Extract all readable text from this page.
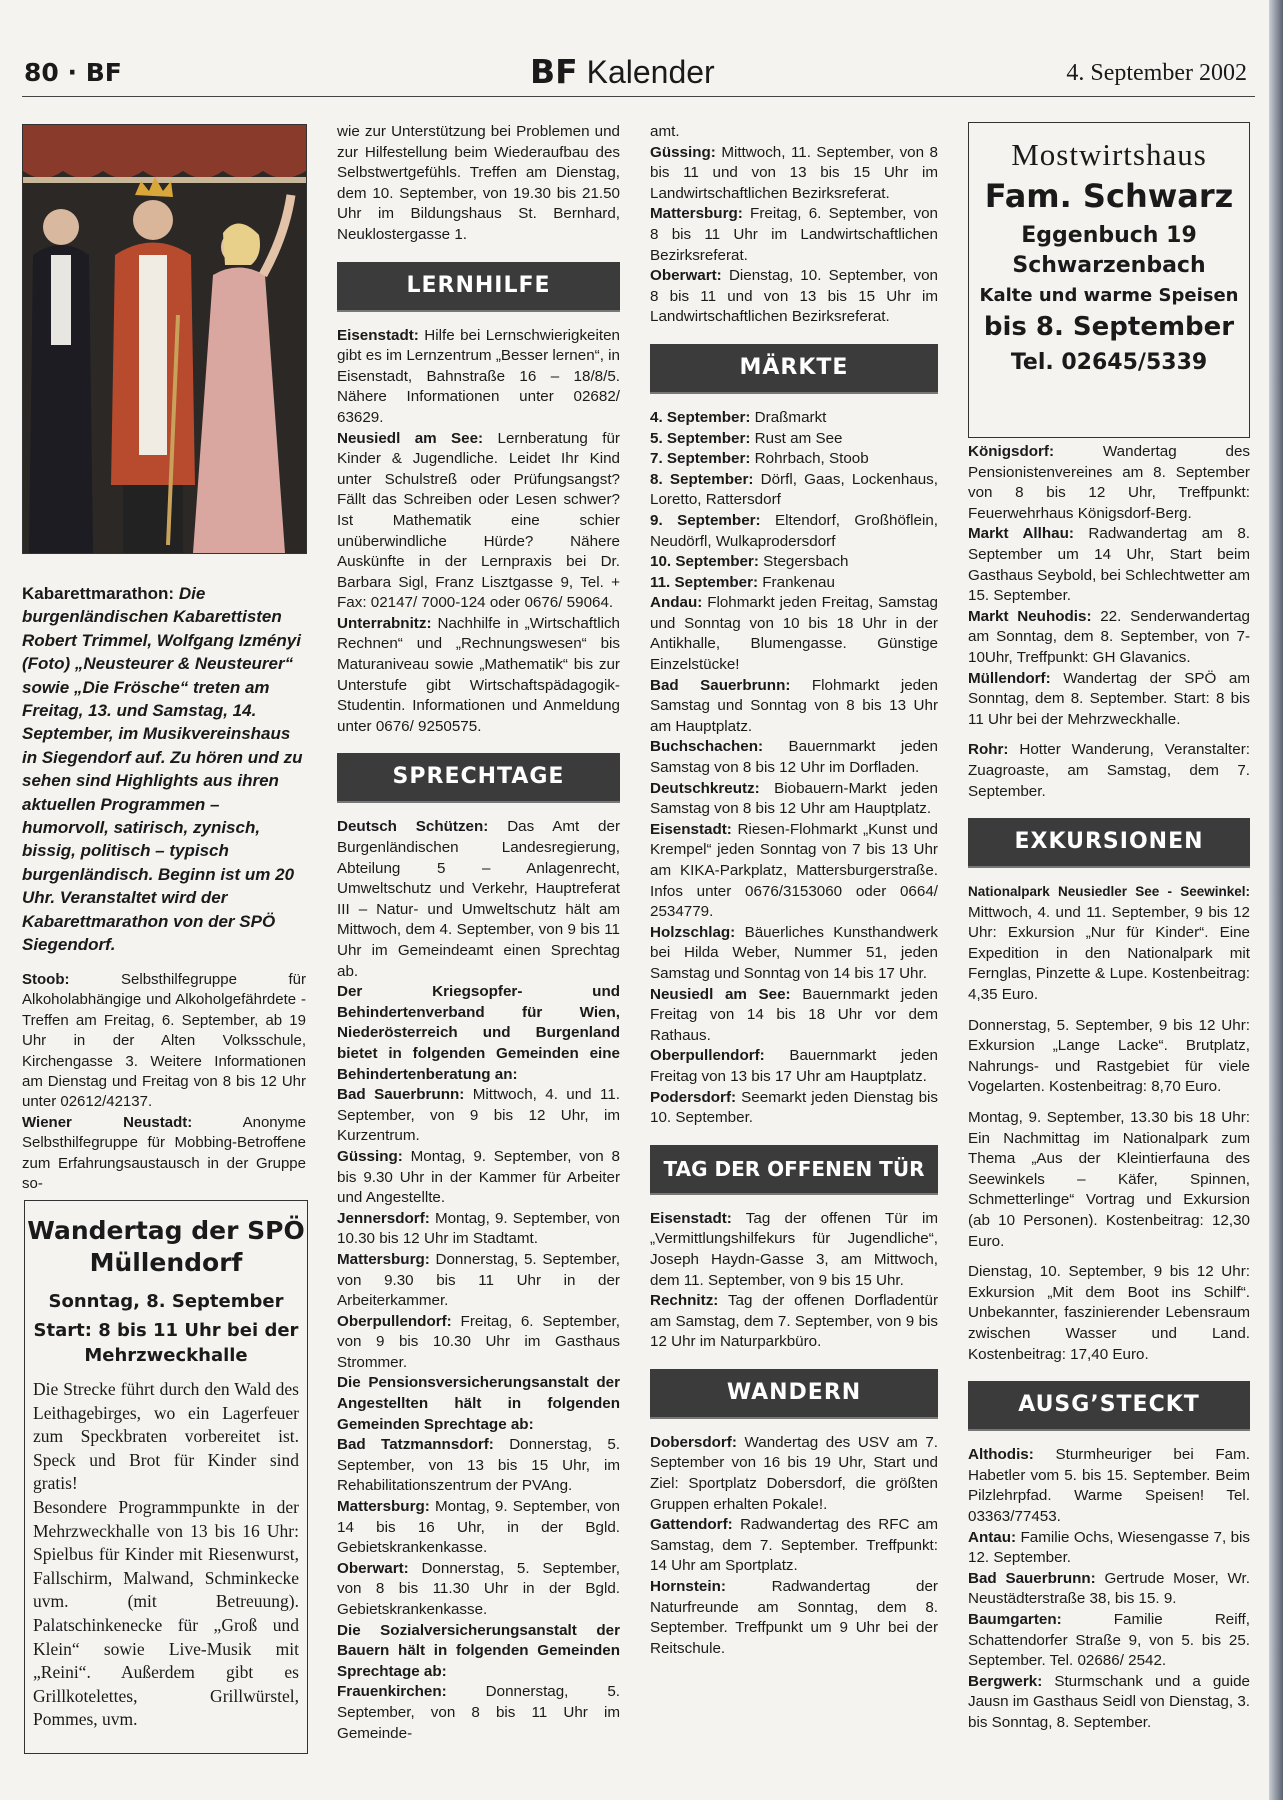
80 · BF	BF Kalender	4. September 2002
Kabarettmarathon: Die burgenländischen Kabarettisten Robert Trimmel, Wolfgang Izményi (Foto) „Neusteurer & Neusteurer“ sowie „Die Frösche“ treten am Freitag, 13. und Samstag, 14. September, im Musikvereinshaus in Siegendorf auf. Zu hören und zu sehen sind Highlights aus ihren aktuellen Programmen – humorvoll, satirisch, zynisch, bissig, politisch – typisch burgenländisch. Beginn ist um 20 Uhr. Veranstaltet wird der Kabarettmarathon von der SPÖ Siegendorf.

Stoob: Selbsthilfegruppe für Alkoholabhängige und Alkoholgefährdete - Treffen am Freitag, 6. September, ab 19 Uhr in der Alten Volksschule, Kirchengasse 3. Weitere Informationen am Dienstag und Freitag von 8 bis 12 Uhr unter 02612/42137.

Wiener Neustadt: Anonyme Selbsthilfegruppe für Mobbing-Betroffene zum Erfahrungsaustausch in der Gruppe so-

Wandertag der SPÖ Müllendorf
Sonntag, 8. September
Start: 8 bis 11 Uhr bei der Mehrzweckhalle
Die Strecke führt durch den Wald des Leithagebirges, wo ein Lagerfeuer zum Speckbraten vorbereitet ist. Speck und Brot für Kinder sind gratis!
Besondere Programmpunkte in der Mehrzweckhalle von 13 bis 16 Uhr: Spielbus für Kinder mit Riesenwurst, Fallschirm, Malwand, Schminkecke uvm. (mit Betreuung). Palatschinkenecke für „Groß und Klein“ sowie Live-Musik mit „Reini“. Außerdem gibt es Grillkotelettes, Grillwürstel, Pommes, uvm.

wie zur Unterstützung bei Problemen und zur Hilfestellung beim Wiederaufbau des Selbstwertgefühls. Treffen am Dienstag, dem 10. September, von 19.30 bis 21.50 Uhr im Bildungshaus St. Bernhard, Neuklostergasse 1.

LERNHILFE

Eisenstadt: Hilfe bei Lernschwierigkeiten gibt es im Lernzentrum „Besser lernen“, in Eisenstadt, Bahnstraße 16 – 18/8/5. Nähere Informationen unter 02682/ 63629.

Neusiedl am See: Lernberatung für Kinder & Jugendliche. Leidet Ihr Kind unter Schulstreß oder Prüfungsangst? Fällt das Schreiben oder Lesen schwer? Ist Mathematik eine schier unüberwindliche Hürde? Nähere Auskünfte in der Lernpraxis bei Dr. Barbara Sigl, Franz Lisztgasse 9, Tel. + Fax: 02147/ 7000-124 oder 0676/ 59064.

Unterrabnitz: Nachhilfe in „Wirtschaftlich Rechnen“ und „Rechnungswesen“ bis Maturaniveau sowie „Mathematik“ bis zur Unterstufe gibt Wirtschaftspädagogik-Studentin. Informationen und Anmeldung unter 0676/ 9250575.

SPRECHTAGE

Deutsch Schützen: Das Amt der Burgenländischen Landesregierung, Abteilung 5 – Anlagenrecht, Umweltschutz und Verkehr, Hauptreferat III – Natur- und Umweltschutz hält am Mittwoch, dem 4. September, von 9 bis 11 Uhr im Gemeindeamt einen Sprechtag ab.

Der Kriegsopfer- und Behindertenverband für Wien, Niederösterreich und Burgenland bietet in folgenden Gemeinden eine Behindertenberatung an:

Bad Sauerbrunn: Mittwoch, 4. und 11. September, von 9 bis 12 Uhr, im Kurzentrum.

Güssing: Montag, 9. September, von 8 bis 9.30 Uhr in der Kammer für Arbeiter und Angestellte.

Jennersdorf: Montag, 9. September, von 10.30 bis 12 Uhr im Stadtamt.

Mattersburg: Donnerstag, 5. September, von 9.30 bis 11 Uhr in der Arbeiterkammer.

Oberpullendorf: Freitag, 6. September, von 9 bis 10.30 Uhr im Gasthaus Strommer.

Die Pensionsversicherungsanstalt der Angestellten hält in folgenden Gemeinden Sprechtage ab:

Bad Tatzmannsdorf: Donnerstag, 5. September, von 13 bis 15 Uhr, im Rehabilitationszentrum der PVAng.

Mattersburg: Montag, 9. September, von 14 bis 16 Uhr, in der Bgld. Gebietskrankenkasse.

Oberwart: Donnerstag, 5. September, von 8 bis 11.30 Uhr in der Bgld. Gebietskrankenkasse.

Die Sozialversicherungsanstalt der Bauern hält in folgenden Gemeinden Sprechtage ab:

Frauenkirchen: Donnerstag, 5. September, von 8 bis 11 Uhr im Gemeinde-

amt.

Güssing: Mittwoch, 11. September, von 8 bis 11 und von 13 bis 15 Uhr im Landwirtschaftlichen Bezirksreferat.

Mattersburg: Freitag, 6. September, von 8 bis 11 Uhr im Landwirtschaftlichen Bezirksreferat.

Oberwart: Dienstag, 10. September, von 8 bis 11 und von 13 bis 15 Uhr im Landwirtschaftlichen Bezirksreferat.

MÄRKTE

4. September: Draßmarkt

5. September: Rust am See

7. September: Rohrbach, Stoob

8. September: Dörfl, Gaas, Lockenhaus, Loretto, Rattersdorf

9. September: Eltendorf, Großhöflein, Neudörfl, Wulkaprodersdorf

10. September: Stegersbach

11. September: Frankenau

Andau: Flohmarkt jeden Freitag, Samstag und Sonntag von 10 bis 18 Uhr in der Antikhalle, Blumengasse. Günstige Einzelstücke!

Bad Sauerbrunn: Flohmarkt jeden Samstag und Sonntag von 8 bis 13 Uhr am Hauptplatz.

Buchschachen: Bauernmarkt jeden Samstag von 8 bis 12 Uhr im Dorfladen.

Deutschkreutz: Biobauern-Markt jeden Samstag von 8 bis 12 Uhr am Hauptplatz.

Eisenstadt: Riesen-Flohmarkt „Kunst und Krempel“ jeden Sonntag von 7 bis 13 Uhr am KIKA-Parkplatz, Mattersburgerstraße. Infos unter 0676/3153060 oder 0664/ 2534779.

Holzschlag: Bäuerliches Kunsthandwerk bei Hilda Weber, Nummer 51, jeden Samstag und Sonntag von 14 bis 17 Uhr.

Neusiedl am See: Bauernmarkt jeden Freitag von 14 bis 18 Uhr vor dem Rathaus.

Oberpullendorf: Bauernmarkt jeden Freitag von 13 bis 17 Uhr am Hauptplatz.

Podersdorf: Seemarkt jeden Dienstag bis 10. September.

TAG DER OFFENEN TÜR

Eisenstadt: Tag der offenen Tür im „Vermittlungshilfekurs für Jugendliche“, Joseph Haydn-Gasse 3, am Mittwoch, dem 11. September, von 9 bis 15 Uhr.

Rechnitz: Tag der offenen Dorfladentür am Samstag, dem 7. September, von 9 bis 12 Uhr im Naturparkbüro.

WANDERN

Dobersdorf: Wandertag des USV am 7. September von 16 bis 19 Uhr, Start und Ziel: Sportplatz Dobersdorf, die größten Gruppen erhalten Pokale!.

Gattendorf: Radwandertag des RFC am Samstag, dem 7. September. Treffpunkt: 14 Uhr am Sportplatz.

Hornstein: Radwandertag der Naturfreunde am Sonntag, dem 8. September. Treffpunkt um 9 Uhr bei der Reitschule.

Mostwirtshaus
Fam. Schwarz
Eggenbuch 19
Schwarzenbach
Kalte und warme Speisen
bis 8. September
Tel. 02645/5339

Königsdorf: Wandertag des Pensionistenvereines am 8. September von 8 bis 12 Uhr, Treffpunkt: Feuerwehrhaus Königsdorf-Berg.

Markt Allhau: Radwandertag am 8. September um 14 Uhr, Start beim Gasthaus Seybold, bei Schlechtwetter am 15. September.

Markt Neuhodis: 22. Senderwandertag am Sonntag, dem 8. September, von 7-10Uhr, Treffpunkt: GH Glavanics.

Müllendorf: Wandertag der SPÖ am Sonntag, dem 8. September. Start: 8 bis 11 Uhr bei der Mehrzweckhalle.

Rohr: Hotter Wanderung, Veranstalter: Zuagroaste, am Samstag, dem 7. September.

EXKURSIONEN

Nationalpark Neusiedler See - Seewinkel: Mittwoch, 4. und 11. September, 9 bis 12 Uhr: Exkursion „Nur für Kinder“. Eine Expedition in den Nationalpark mit Fernglas, Pinzette & Lupe. Kostenbeitrag: 4,35 Euro.

Donnerstag, 5. September, 9 bis 12 Uhr: Exkursion „Lange Lacke“. Brutplatz, Nahrungs- und Rastgebiet für viele Vogelarten. Kostenbeitrag: 8,70 Euro.

Montag, 9. September, 13.30 bis 18 Uhr: Ein Nachmittag im Nationalpark zum Thema „Aus der Kleintierfauna des Seewinkels – Käfer, Spinnen, Schmetterlinge“ Vortrag und Exkursion (ab 10 Personen). Kostenbeitrag: 12,30 Euro.

Dienstag, 10. September, 9 bis 12 Uhr: Exkursion „Mit dem Boot ins Schilf“. Unbekannter, faszinierender Lebensraum zwischen Wasser und Land. Kostenbeitrag: 17,40 Euro.

AUSG’STECKT

Althodis: Sturmheuriger bei Fam. Habetler vom 5. bis 15. September. Beim Pilzlehrpfad. Warme Speisen! Tel. 03363/77453.

Antau: Familie Ochs, Wiesengasse 7, bis 12. September.

Bad Sauerbrunn: Gertrude Moser, Wr. Neustädterstraße 38, bis 15. 9.

Baumgarten: Familie Reiff, Schattendorfer Straße 9, von 5. bis 25. September. Tel. 02686/ 2542.

Bergwerk: Sturmschank und a guide Jausn im Gasthaus Seidl von Dienstag, 3. bis Sonntag, 8. September.
